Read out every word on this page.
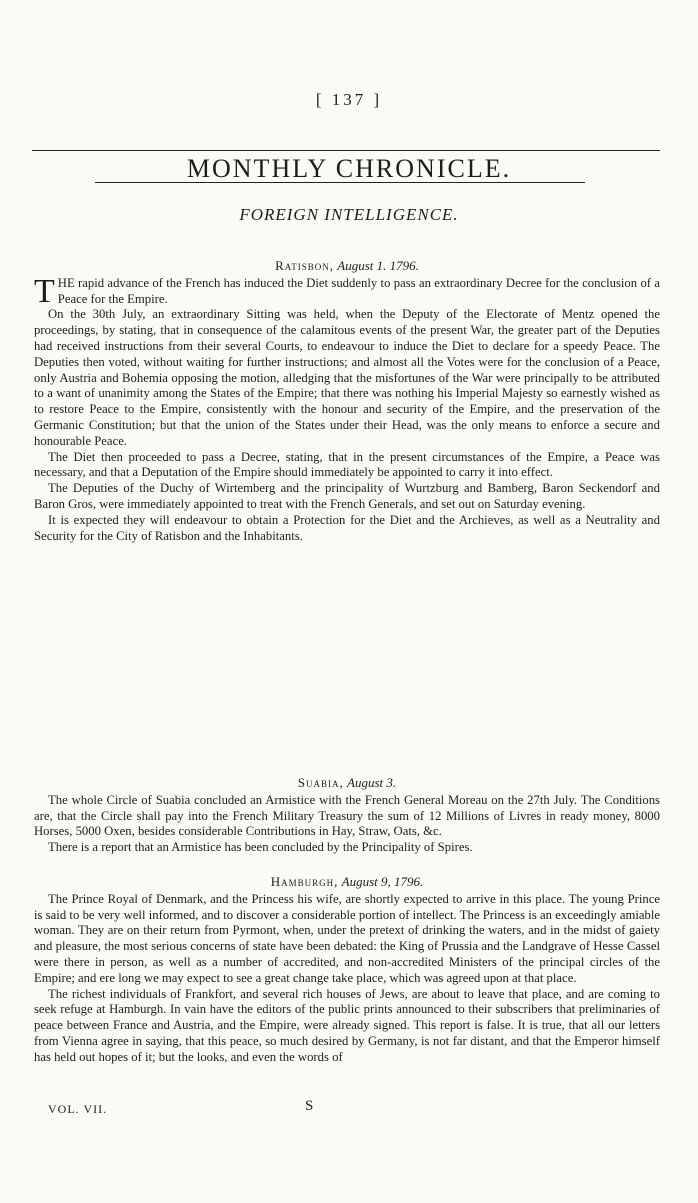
[ 137 ]
MONTHLY CHRONICLE.
FOREIGN INTELLIGENCE.
Ratisbon, August 1. 1796.

THE rapid advance of the French has induced the Diet suddenly to pass an extraordinary Decree for the conclusion of a Peace for the Empire.

On the 30th July, an extraordinary Sitting was held, when the Deputy of the Electorate of Mentz opened the proceedings, by stating, that in consequence of the calamitous events of the present War, the greater part of the Deputies had received instructions from their several Courts, to endeavour to induce the Diet to declare for a speedy Peace. The Deputies then voted, without waiting for further instructions; and almost all the Votes were for the conclusion of a Peace, only Austria and Bohemia opposing the motion, alledging that the misfortunes of the War were principally to be attributed to a want of unanimity among the States of the Empire; that there was nothing his Imperial Majesty so earnestly wished as to restore Peace to the Empire, consistently with the honour and security of the Empire, and the preservation of the Germanic Constitution; but that the union of the States under their Head, was the only means to enforce a secure and honourable Peace.

The Diet then proceeded to pass a Decree, stating, that in the present circumstances of the Empire, a Peace was necessary, and that a Deputation of the Empire should immediately be appointed to carry it into effect.

The Deputies of the Duchy of Wirtemberg and the principality of Wurtzburg and Bamberg, Baron Seckendorf and Baron Gros, were immediately appointed to treat with the French Generals, and set out on Saturday evening.

It is expected they will endeavour to obtain a Protection for the Diet and the Archieves, as well as a Neutrality and Security for the City of Ratisbon and the Inhabitants.

Suabia, August 3.

The whole Circle of Suabia concluded an Armistice with the French General Moreau on the 27th July. The Conditions are, that the Circle shall pay into the French Military Treasury the sum of 12 Millions of Livres in ready money, 8000 Horses, 5000 Oxen, besides considerable Contributions in Hay, Straw, Oats, &c.

There is a report that an Armistice has been concluded by the Principality of Spires.

Hamburgh, August 9, 1796.

The Prince Royal of Denmark, and the Princess his wife, are shortly expected to arrive in this place. The young Prince is said to be very well informed, and to discover a considerable portion of intellect. The Princess is an exceedingly amiable woman. They are on their return from Pyrmont, when, under the pretext of drinking the waters, and in the midst of gaiety and pleasure, the most serious concerns of state have been debated: the King of Prussia and the Landgrave of Hesse Cassel were there in person, as well as a number of accredited, and non-accredited Ministers of the principal circles of the Empire; and ere long we may expect to see a great change take place, which was agreed upon at that place.

The richest individuals of Frankfort, and several rich houses of Jews, are about to leave that place, and are coming to seek refuge at Hamburgh. In vain have the editors of the public prints announced to their subscribers that preliminaries of peace between France and Austria, and the Empire, were already signed. This report is false. It is true, that all our letters from Vienna agree in saying, that this peace, so much desired by Germany, is not far distant, and that the Emperor himself has held out hopes of it; but the looks, and even the words of

VOL. VII.	S
